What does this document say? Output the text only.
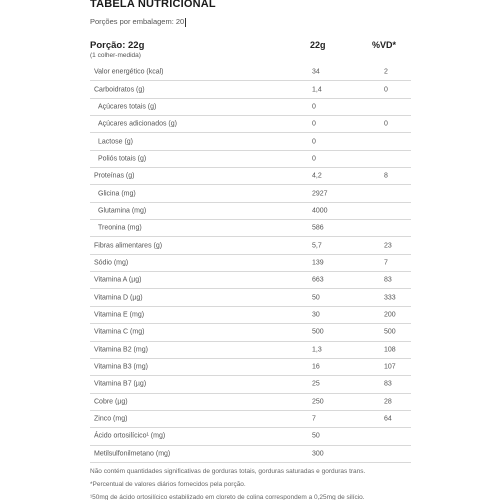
TABELA NUTRICIONAL
Porções por embalagem: 20
Porção: 22g
(1 colher-medida)
22g	%VD*
Valor energético (kcal)	34	2
Carboidratos (g)	1,4	0
Açúcares totais (g)	0
Açúcares adicionados (g)	0	0
Lactose (g)	0
Poliós totais (g)	0
Proteínas (g)	4,2	8
Glicina (mg)	2927
Glutamina (mg)	4000
Treonina (mg)	586
Fibras alimentares (g)	5,7	23
Sódio (mg)	139	7
Vitamina A (µg)	663	83
Vitamina D (µg)	50	333
Vitamina E (mg)	30	200
Vitamina C (mg)	500	500
Vitamina B2 (mg)	1,3	108
Vitamina B3 (mg)	16	107
Vitamina B7 (µg)	25	83
Cobre (µg)	250	28
Zinco (mg)	7	64
Ácido ortosilícico¹ (mg)	50
Metilsulfonilmetano (mg)	300
Não contém quantidades significativas de gorduras totais, gorduras saturadas e gorduras trans.
*Percentual de valores diários fornecidos pela porção.
¹50mg de ácido ortosilícico estabilizado em cloreto de colina correspondem a 0,25mg de silício.
